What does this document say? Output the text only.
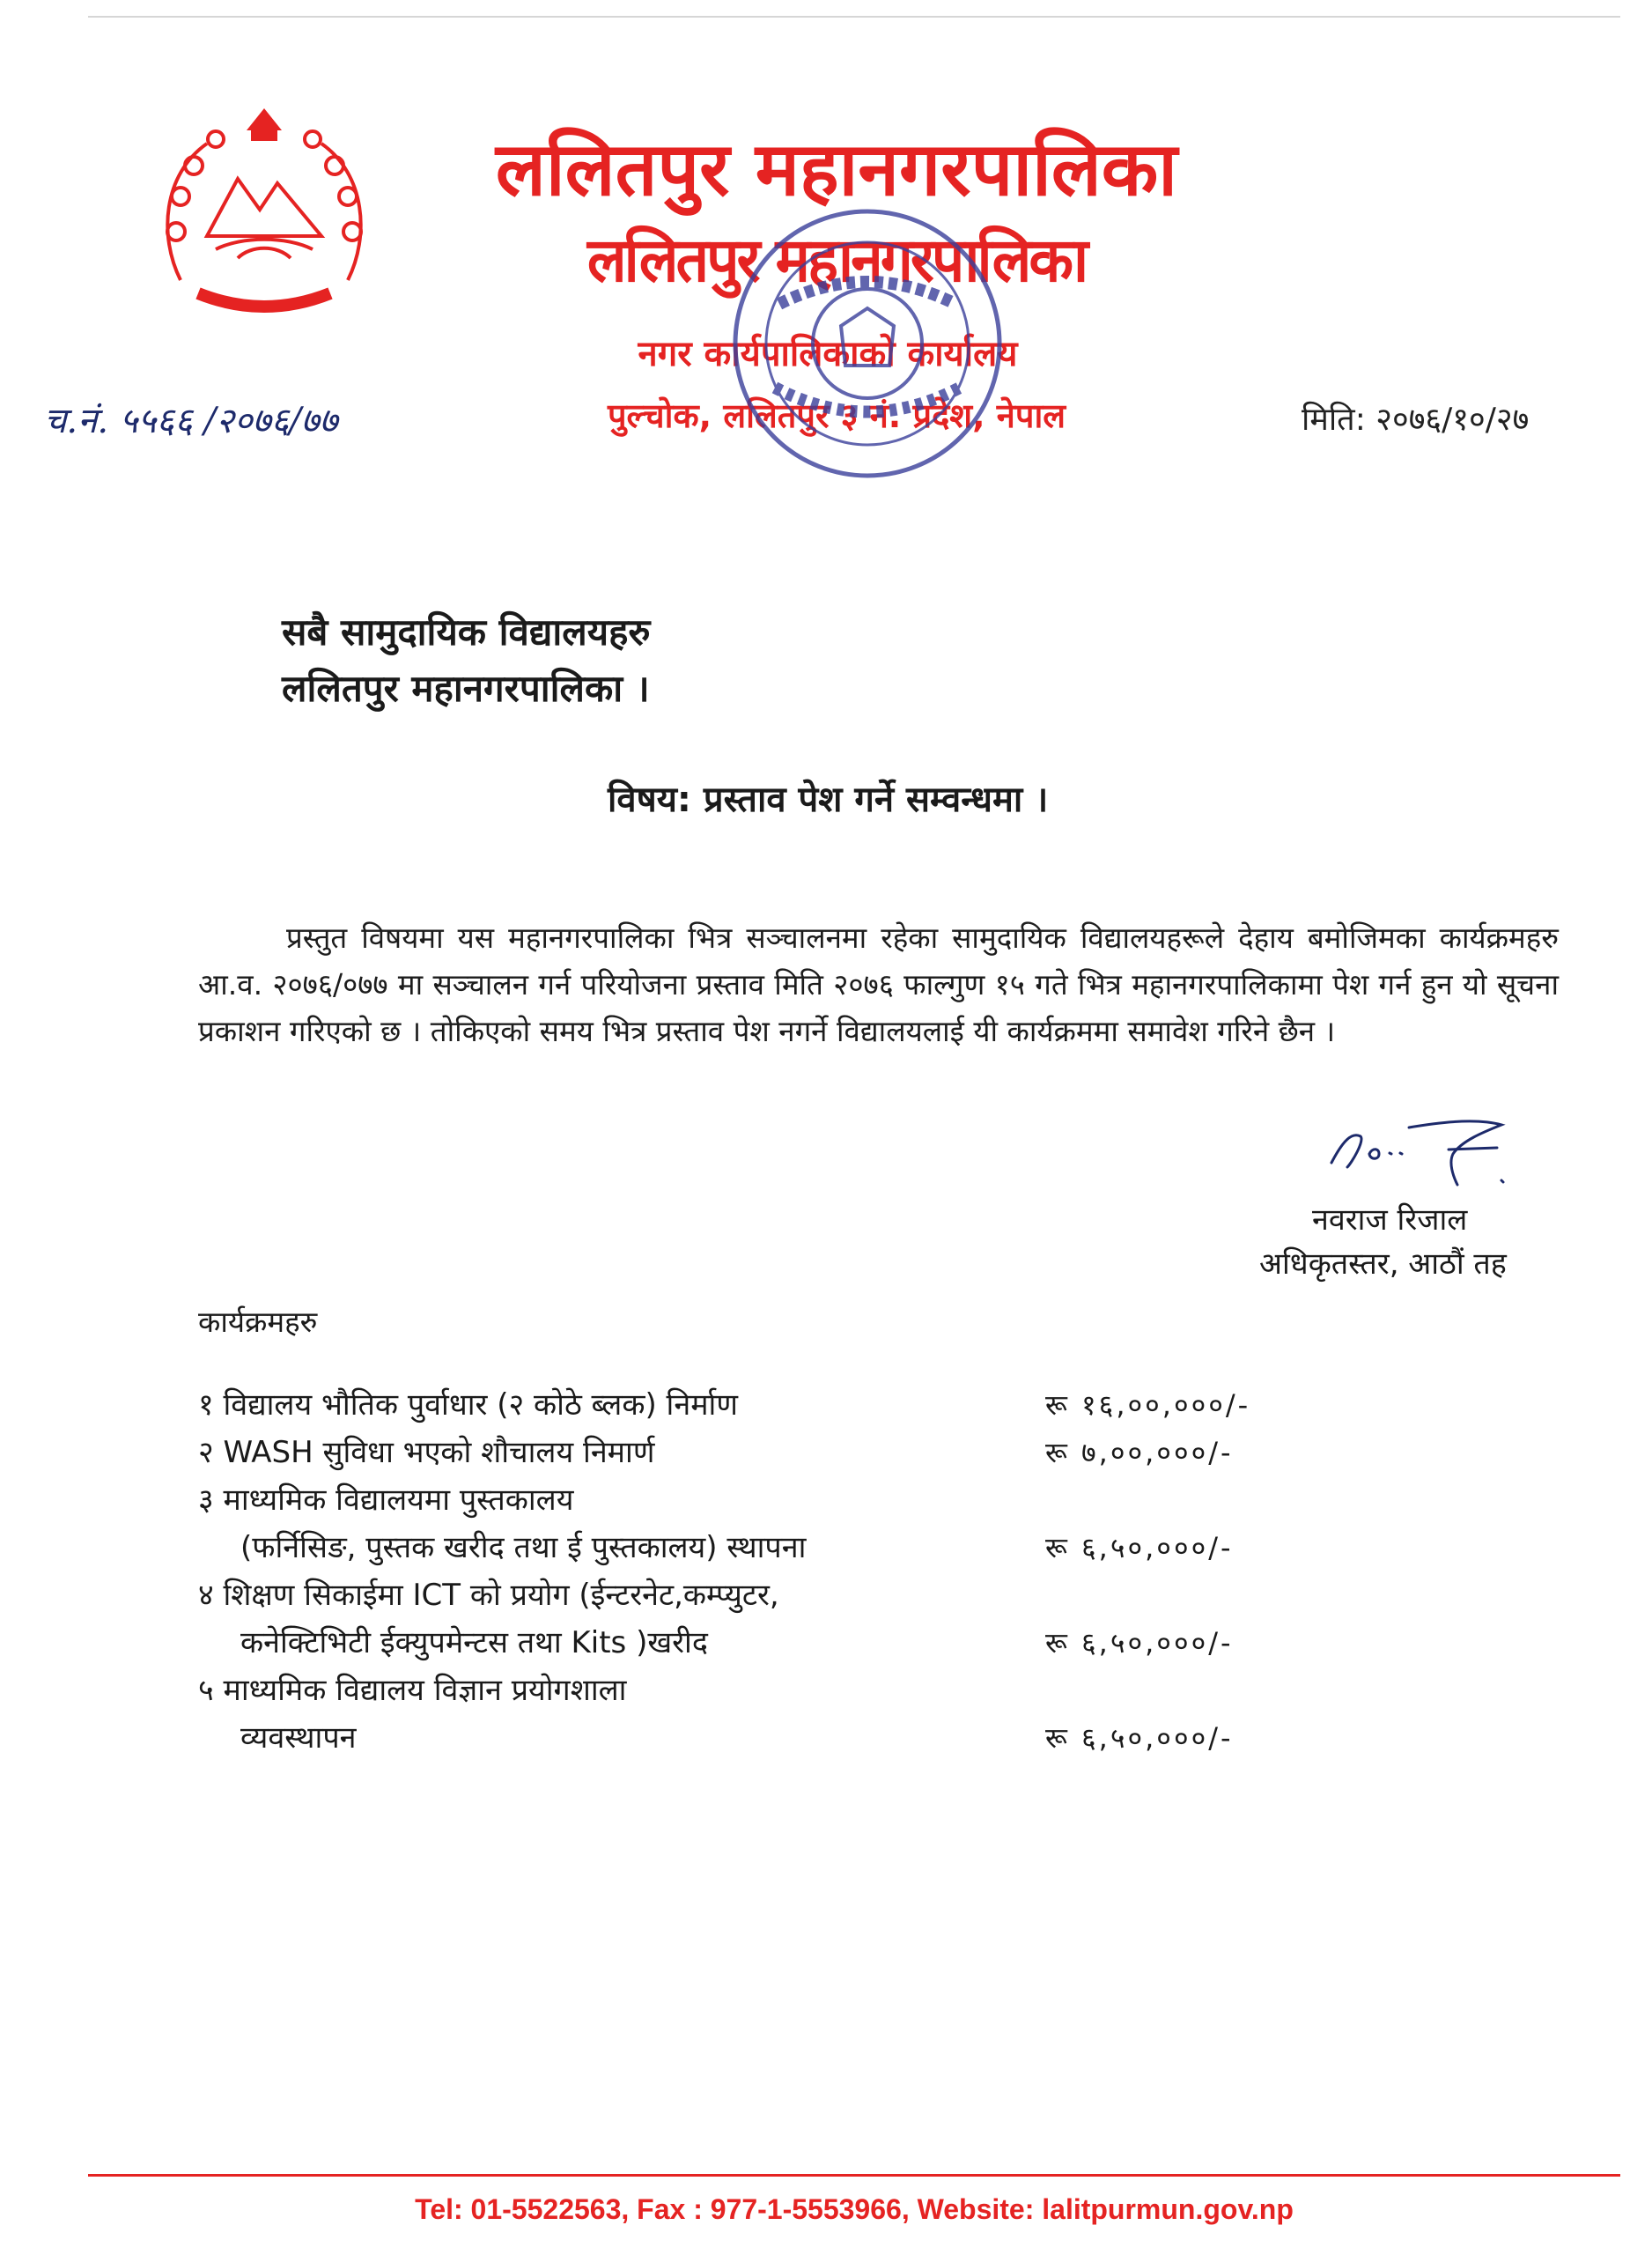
ललितपुर महानगरपालिका
ललितपुर महानगरपालिका
नगर कार्यपालिकाको कार्यालय
पुल्चोक, ललितपुर ३ नं. प्रदेश, नेपाल
च.नं. ५५६६ /२०७६/७७	मिति: २०७६/१०/२७
सबै सामुदायिक विद्यालयहरु
ललितपुर महानगरपालिका ।
विषय: प्रस्ताव पेश गर्ने सम्वन्धमा ।
प्रस्तुत विषयमा यस महानगरपालिका भित्र सञ्चालनमा रहेका सामुदायिक विद्यालयहरूले देहाय बमोजिमका कार्यक्रमहरु आ.व. २०७६/०७७ मा सञ्चालन गर्न परियोजना प्रस्ताव मिति २०७६ फाल्गुण १५ गते भित्र महानगरपालिकामा पेश गर्न हुन यो सूचना प्रकाशन गरिएको छ । तोकिएको समय भित्र प्रस्ताव पेश नगर्ने विद्यालयलाई यी कार्यक्रममा समावेश गरिने छैन ।
नवराज रिजाल
अधिकृतस्तर, आठौं तह
कार्यक्रमहरु
१ विद्यालय भौतिक पुर्वाधार (२ कोठे ब्लक) निर्माण	रू १६,००,०००/-
२ WASH सुविधा भएको शौचालय निमार्ण	रू ७,००,०००/-
३ माध्यमिक विद्यालयमा पुस्तकालय
(फर्निसिङ, पुस्तक खरीद तथा ई पुस्तकालय) स्थापना	रू ६,५०,०००/-
४ शिक्षण सिकाईमा ICT को प्रयोग (ईन्टरनेट,कम्प्युटर,
कनेक्टिभिटी ईक्युपमेन्टस तथा Kits )खरीद	रू ६,५०,०००/-
५ माध्यमिक विद्यालय विज्ञान प्रयोगशाला
व्यवस्थापन	रू ६,५०,०००/-
Tel: 01-5522563, Fax : 977-1-5553966, Website: lalitpurmun.gov.np
